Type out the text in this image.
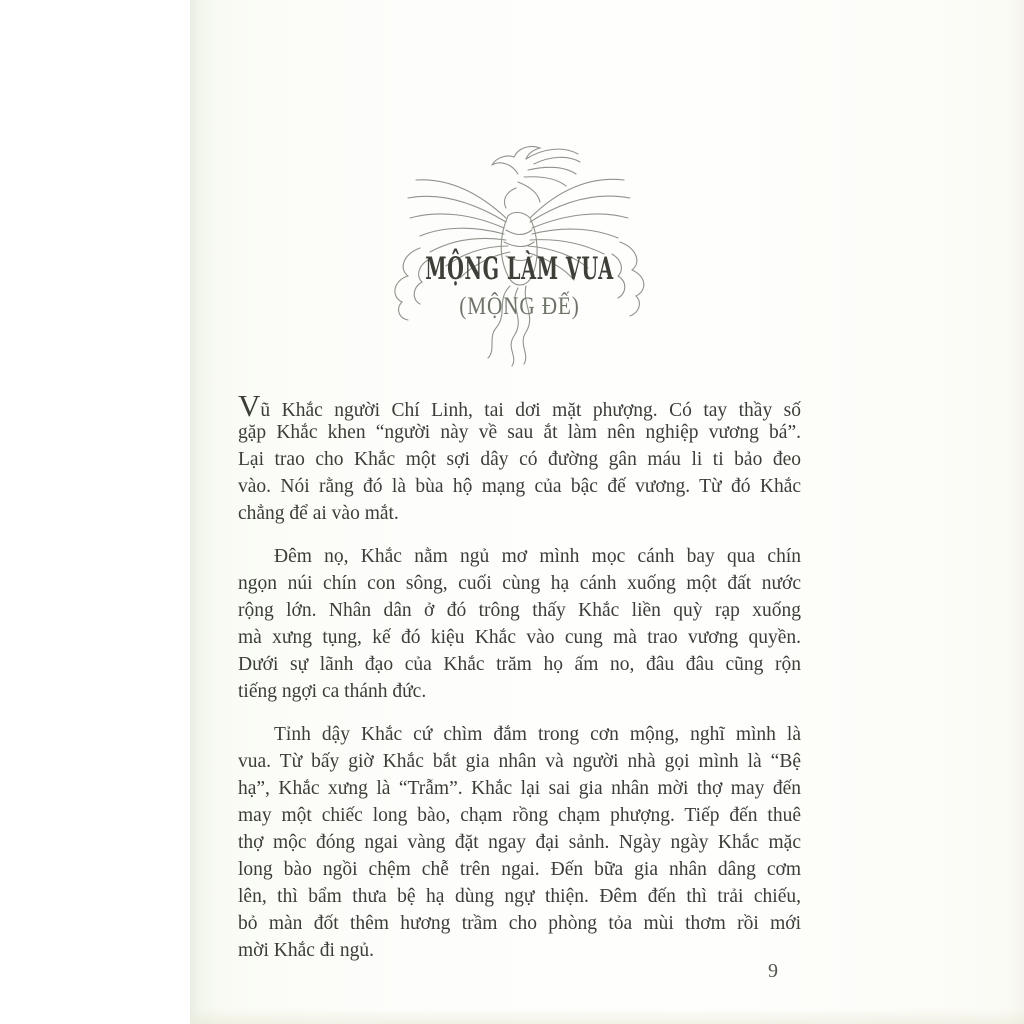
MỘNG LÀM VUA
(MỘNG ĐẾ)

Vũ Khắc người Chí Linh, tai dơi mặt phượng. Có tay thầy số
gặp Khắc khen “người này về sau ắt làm nên nghiệp vương bá”.
Lại trao cho Khắc một sợi dây có đường gân máu li ti bảo đeo
vào. Nói rằng đó là bùa hộ mạng của bậc đế vương. Từ đó Khắc
chẳng để ai vào mắt.

Đêm nọ, Khắc nằm ngủ mơ mình mọc cánh bay qua chín
ngọn núi chín con sông, cuối cùng hạ cánh xuống một đất nước
rộng lớn. Nhân dân ở đó trông thấy Khắc liền quỳ rạp xuống
mà xưng tụng, kế đó kiệu Khắc vào cung mà trao vương quyền.
Dưới sự lãnh đạo của Khắc trăm họ ấm no, đâu đâu cũng rộn
tiếng ngợi ca thánh đức.

Tỉnh dậy Khắc cứ chìm đắm trong cơn mộng, nghĩ mình là
vua. Từ bấy giờ Khắc bắt gia nhân và người nhà gọi mình là “Bệ
hạ”, Khắc xưng là “Trẫm”. Khắc lại sai gia nhân mời thợ may đến
may một chiếc long bào, chạm rồng chạm phượng. Tiếp đến thuê
thợ mộc đóng ngai vàng đặt ngay đại sảnh. Ngày ngày Khắc mặc
long bào ngồi chệm chễ trên ngai. Đến bữa gia nhân dâng cơm
lên, thì bẩm thưa bệ hạ dùng ngự thiện. Đêm đến thì trải chiếu,
bỏ màn đốt thêm hương trầm cho phòng tỏa mùi thơm rồi mới
mời Khắc đi ngủ.

9
